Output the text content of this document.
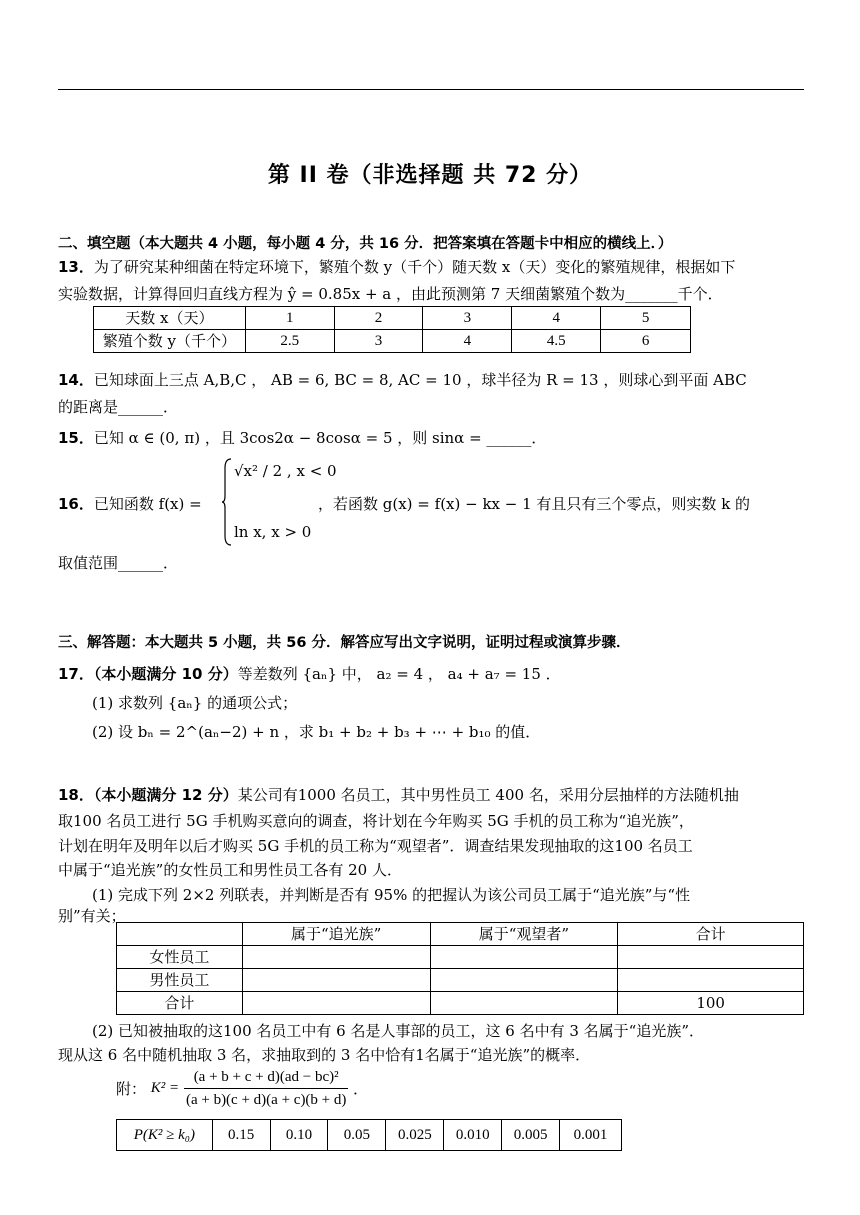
第 II 卷（非选择题 共 72 分）
二、填空题（本大题共 4 小题，每小题 4 分，共 16 分．把答案填在答题卡中相应的横线上．）
13．为了研究某种细菌在特定环境下，繁殖个数 y（千个）随天数 x（天）变化的繁殖规律，根据如下
实验数据，计算得回归直线方程为 ŷ = 0.85x + a ，由此预测第 7 天细菌繁殖个数为_______千个．
天数 x（天）	1	2	3	4	5
繁殖个数 y（千个）	2.5	3	4	4.5	6
14．已知球面上三点 A,B,C ， AB = 6, BC = 8, AC = 10 ，球半径为 R = 13 ，则球心到平面 ABC
的距离是______．
15．已知 α ∈ (0, π) ，且 3cos2α − 8cosα = 5 ，则 sinα = ______．
16．已知函数 f(x) =
√x² / 2 , x < 0
ln x, x > 0
，若函数 g(x) = f(x) − kx − 1 有且只有三个零点，则实数 k 的
取值范围______．
三、解答题：本大题共 5 小题，共 56 分．解答应写出文字说明，证明过程或演算步骤．
17．（本小题满分 10 分）等差数列 {aₙ} 中， a₂ = 4 ， a₄ + a₇ = 15 ．
(1) 求数列 {aₙ} 的通项公式；
(2) 设 bₙ = 2^(aₙ−2) + n ，求 b₁ + b₂ + b₃ + ⋯ + b₁₀ 的值．
18．（本小题满分 12 分）某公司有1000 名员工，其中男性员工 400 名，采用分层抽样的方法随机抽
取100 名员工进行 5G 手机购买意向的调查，将计划在今年购买 5G 手机的员工称为“追光族”，
计划在明年及明年以后才购买 5G 手机的员工称为“观望者”．调查结果发现抽取的这100 名员工
中属于“追光族”的女性员工和男性员工各有 20 人．
(1) 完成下列 2×2 列联表，并判断是否有 95% 的把握认为该公司员工属于“追光族”与“性
别”有关；
	属于“追光族”	属于“观望者”	合计
女性员工			
男性员工			
合计			100
(2) 已知被抽取的这100 名员工中有 6 名是人事部的员工，这 6 名中有 3 名属于“追光族”．
现从这 6 名中随机抽取 3 名，求抽取到的 3 名中恰有1名属于“追光族”的概率．
附： $K^2 = \frac{\text{(a + b + c + d)(ad − bc)²}}{(a + b)(c + d)(a + c)(b + d)}$ ．
P(K² ≥ k₀)	0.15	0.10	0.05	0.025	0.010	0.005	0.001
